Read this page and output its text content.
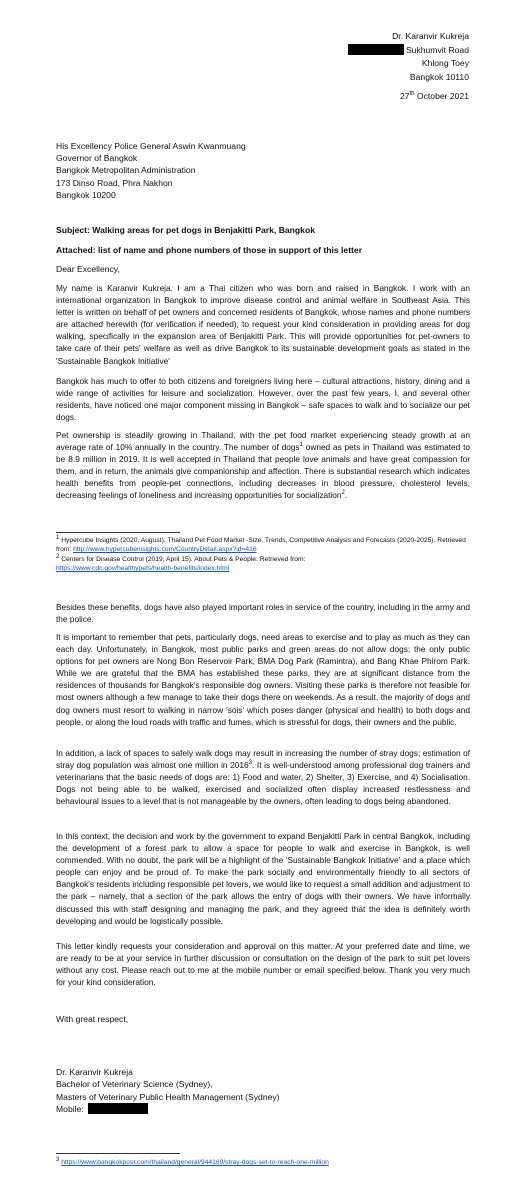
Dr. Karanvir Kukreja
Sukhumvit Road
Khlong Toey
Bangkok 10110
27th October 2021
His Excellency Police General Aswin Kwanmuang
Governor of Bangkok
Bangkok Metropolitan Administration
173 Dinso Road, Phra Nakhon
Bangkok 10200
Subject: Walking areas for pet dogs in Benjakitti Park, Bangkok
Attached: list of name and phone numbers of those in support of this letter
Dear Excellency,

My name is Karanvir Kukreja. I am a Thai citizen who was born and raised in Bangkok. I work with an international organization in Bangkok to improve disease control and animal welfare in Southeast Asia. This letter is written on behalf of pet owners and concerned residents of Bangkok, whose names and phone numbers are attached herewith (for verification if needed), to request your kind consideration in providing areas for dog walking, specifically in the expansion area of Benjakitti Park. This will provide opportunities for pet-owners to take care of their pets' welfare as well as drive Bangkok to its sustainable development goals as stated in the 'Sustainable Bangkok Initiative'

Bangkok has much to offer to both citizens and foreigners living here – cultural attractions, history, dining and a wide range of activities for leisure and socialization. However, over the past few years, I, and several other residents, have noticed one major component missing in Bangkok – safe spaces to walk and to socialize our pet dogs.

Pet ownership is steadily growing in Thailand, with the pet food market experiencing steady growth at an average rate of 10% annually in the country. The number of dogs$^1$ owned as pets in Thailand was estimated to be 8.9 million in 2019. It is well accepted in Thailand that people love animals and have great compassion for them, and in return, the animals give companionship and affection. There is substantial research which indicates health benefits from people-pet connections, including decreases in blood pressure, cholesterol levels, decreasing feelings of loneliness and increasing opportunities for socialization$^2$.

$^1$ Hypercube Insights (2020, August). Thailand Pet Food Market -Size, Trends, Competitive Analysis and Forecasts (2020-2025). Retrieved from: http://www.hypercubeinsights.com/CountryDetail.aspx?id=416
$^2$ Centers for Disease Control (2019, April 15). About Pets & People. Retrieved from:
https://www.cdc.gov/healthypets/health-benefits/index.html

Besides these benefits, dogs have also played important roles in service of the country, including in the army and the police.

It is important to remember that pets, particularly dogs, need areas to exercise and to play as much as they can each day. Unfortunately, in Bangkok, most public parks and green areas do not allow dogs; the only public options for pet owners are Nong Bon Reservoir Park, BMA Dog Park (Ramintra), and Bang Khae Phirom Park. While we are grateful that the BMA has established these parks, they are at significant distance from the residences of thousands for Bangkok's responsible dog owners. Visiting these parks is therefore not feasible for most owners although a few manage to take their dogs there on weekends. As a result, the majority of dogs and dog owners must resort to walking in narrow 'sois' which poses danger (physical and health) to both dogs and people, or along the loud roads with traffic and fumes, which is stressful for dogs, their owners and the public.

In addition, a lack of spaces to safely walk dogs may result in increasing the number of stray dogs; estimation of stray dog population was almost one million in 2016$^3$. It is well-understood among professional dog trainers and veterinarians that the basic needs of dogs are: 1) Food and water, 2) Shelter, 3) Exercise, and 4) Socialisation. Dogs not being able to be walked, exercised and socialized often display increased restlessness and behavioural issues to a level that is not manageable by the owners, often leading to dogs being abandoned.

In this context, the decision and work by the government to expand Benjakitti Park in central Bangkok, including the development of a forest park to allow a space for people to walk and exercise in Bangkok, is well commended. With no doubt, the park will be a highlight of the 'Sustainable Bangkok Initiative' and a place which people can enjoy and be proud of. To make the park socially and environmentally friendly to all sectors of Bangkok's residents including responsible pet lovers, we would like to request a small addition and adjustment to the park – namely, that a section of the park allows the entry of dogs with their owners. We have informally discussed this with staff designing and managing the park, and they agreed that the idea is definitely worth developing and would be logistically possible.

This letter kindly requests your consideration and approval on this matter. At your preferred date and time, we are ready to be at your service in further discussion or consultation on the design of the park to suit pet lovers without any cost. Please reach out to me at the mobile number or email specified below. Thank you very much for your kind consideration.

With great respect,
Dr. Karanvir Kukreja
Bachelor of Veterinary Science (Sydney),
Masters of Veterinary Public Health Management (Sydney)
Mobile:
$^3$ https://www.bangkokpost.com/thailand/general/944169/stray-dogs-set-to-reach-one-million
